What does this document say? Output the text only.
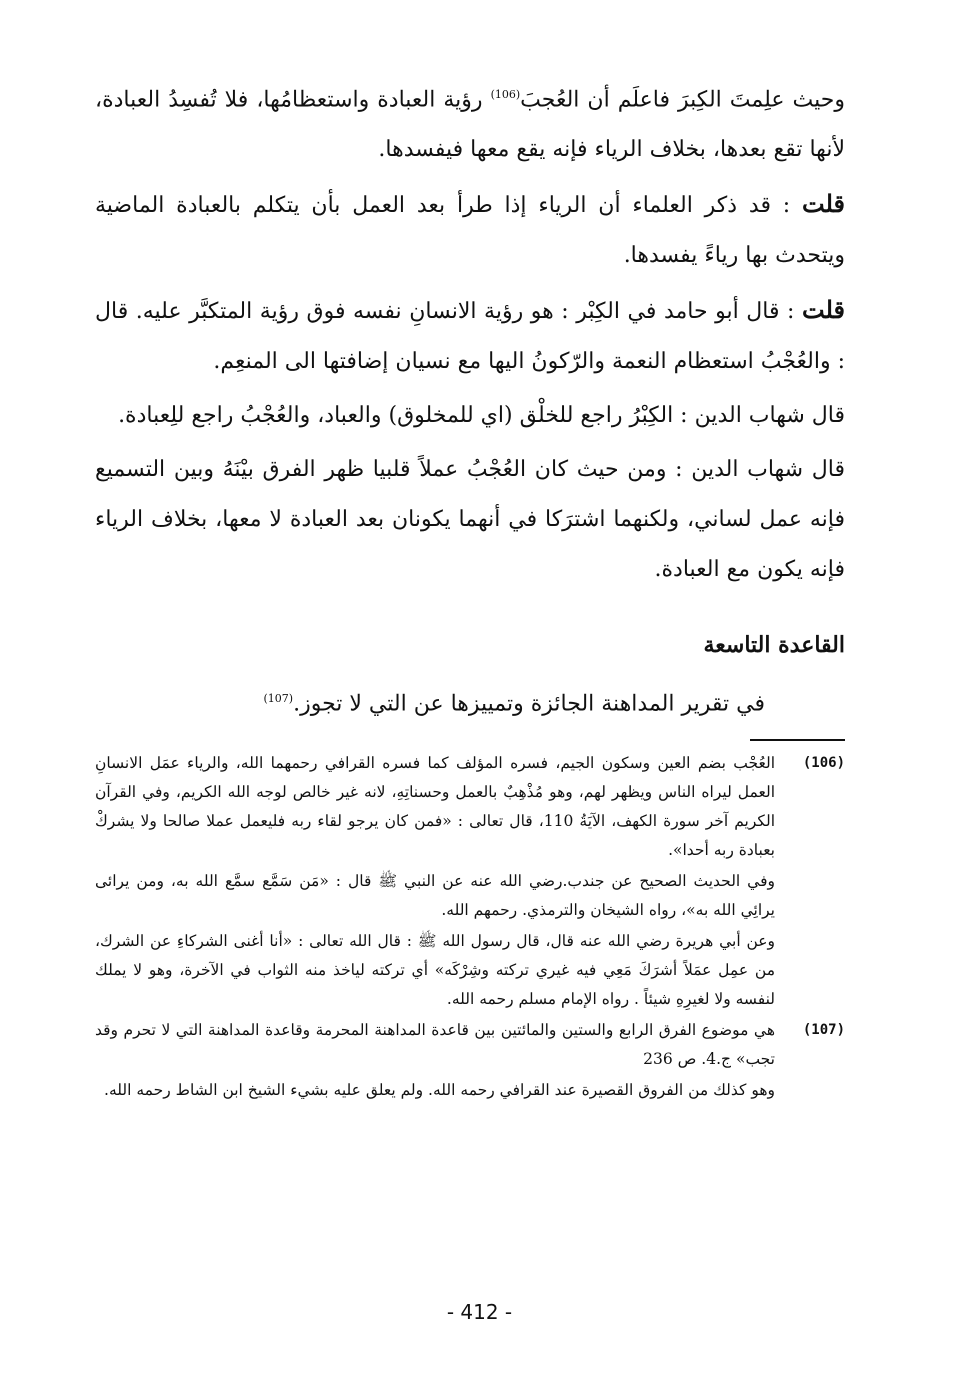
وحيث علِمتَ الكِبرَ فاعلَم أن العُجبَ$^{(106)}$ رؤية العبادة واستعظامُها، فلا تُفسِدُ العبادة، لأنها تقع بعدها، بخلاف الرياء فإنه يقع معها فيفسدها.

قلت : قد ذكر العلماء أن الرياء إذا طرأ بعد العمل بأن يتكلم بالعبادة الماضية ويتحدث بها رياءً يفسدها.

قلت : قال أبو حامد في الكِبْر : هو رؤية الانسانِ نفسه فوق رؤية المتكبَّر عليه. قال : والعُجْبُ استعظام النعمة والرّكونُ اليها مع نسيان إضافتها الى المنعِم.

قال شهاب الدين : الكِبْرُ راجع للخلْق (اي للمخلوق) والعباد، والعُجْبُ راجع للِعبادة.

قال شهاب الدين : ومن حيث كان العُجْبُ عملاً قلبيا ظهر الفرق بيْنَهُ وبين التسميع فإنه عمل لساني، ولكنهما اشترَكا في أنهما يكونان بعد العبادة لا معها، بخلاف الرياء فإنه يكون مع العبادة.

القاعدة التاسعة
في تقرير المداهنة الجائزة وتمييزها عن التي لا تجوز.$^{(107)}$
(106)

العُجْب بضم العين وسكون الجيم، فسره المؤلف كما فسره القرافي رحمهما الله، والرياء عمَل الانسانِ العمل ليراه الناس ويظهر لهم، وهو مُذْهِبٌ بالعمل وحسناتِهِ، لانه غير خالص لوجه الله الكريم، وفي القرآن الكريم آخر سورة الكهف، الآيَةُ 110، قال تعالى : «فمن كان يرجو لقاء ربه فليعمل عملا صالحا ولا يشركْ بعبادة ربه أحدا».

وفي الحديث الصحيح عن جندب.رضي الله عنه عن النبي ﷺ قال : «مَن سَمَّع سمَّع الله به، ومن يرائى يرائِي الله به»، رواه الشيخان والترمذي. رحمهم الله.

وعن أبي هريرة رضي الله عنه قال، قال رسول الله ﷺ : قال الله تعالى : «أنا أغنى الشركاءِ عن الشرك، من عمِل عمَلاً أشرَكَ مَعِي فيه غيري تركته وشِرْكَه» أي تركته لياخذ منه الثواب في الآخرة، وهو لا يملك لنفسه ولا لغيرِهِ شيئاً . رواه الإمام مسلم رحمه الله.

(107)

هي موضوع الفرق الرابع والستين والمائتين بين قاعدة المداهنة المحرمة وقاعدة المداهنة التي لا تحرم وقد تجب» ج.4. ص 236

وهو كذلك من الفروق القصيرة عند القرافي رحمه الله. ولم يعلق عليه بشيء الشيخ ابن الشاط رحمه الله.

- 412 -
